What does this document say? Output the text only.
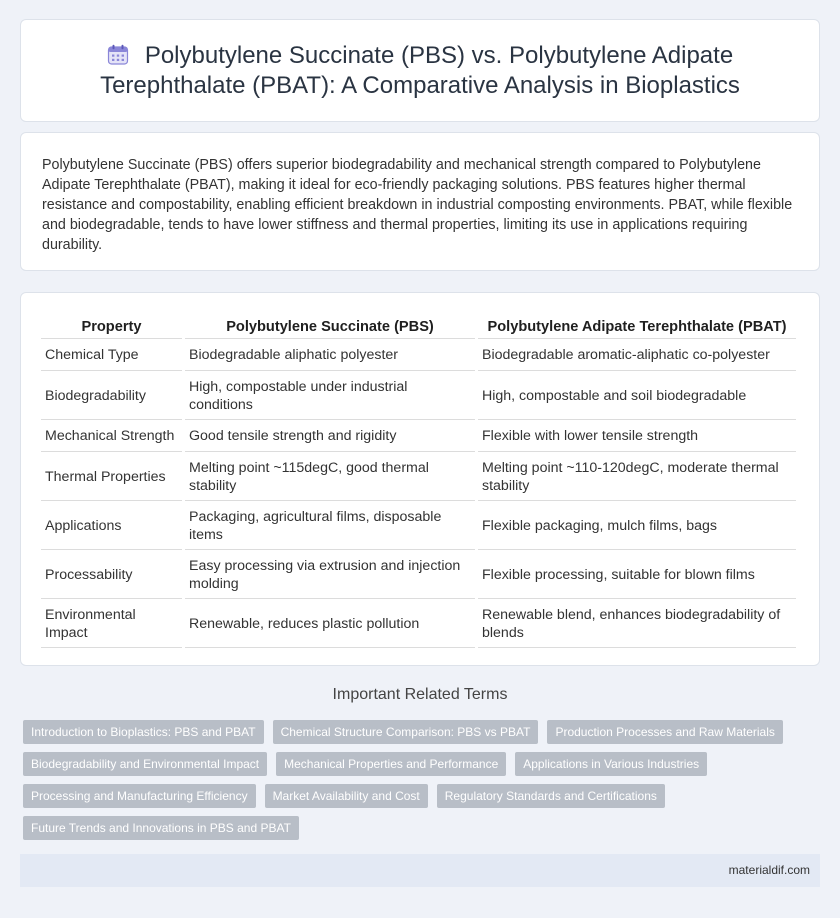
Polybutylene Succinate (PBS) vs. Polybutylene Adipate Terephthalate (PBAT): A Comparative Analysis in Bioplastics

Polybutylene Succinate (PBS) offers superior biodegradability and mechanical strength compared to Polybutylene Adipate Terephthalate (PBAT), making it ideal for eco-friendly packaging solutions. PBS features higher thermal resistance and compostability, enabling efficient breakdown in industrial composting environments. PBAT, while flexible and biodegradable, tends to have lower stiffness and thermal properties, limiting its use in applications requiring durability.

Property	Polybutylene Succinate (PBS)	Polybutylene Adipate Terephthalate (PBAT)
Chemical Type	Biodegradable aliphatic polyester	Biodegradable aromatic-aliphatic co-polyester
Biodegradability	High, compostable under industrial conditions	High, compostable and soil biodegradable
Mechanical Strength	Good tensile strength and rigidity	Flexible with lower tensile strength
Thermal Properties	Melting point ~115degC, good thermal stability	Melting point ~110-120degC, moderate thermal stability
Applications	Packaging, agricultural films, disposable items	Flexible packaging, mulch films, bags
Processability	Easy processing via extrusion and injection molding	Flexible processing, suitable for blown films
Environmental Impact	Renewable, reduces plastic pollution	Renewable blend, enhances biodegradability of blends
Important Related Terms
Introduction to Bioplastics: PBS and PBAT	Chemical Structure Comparison: PBS vs PBAT	Production Processes and Raw Materials
Biodegradability and Environmental Impact	Mechanical Properties and Performance	Applications in Various Industries
Processing and Manufacturing Efficiency	Market Availability and Cost	Regulatory Standards and Certifications
Future Trends and Innovations in PBS and PBAT
materialdif.com
